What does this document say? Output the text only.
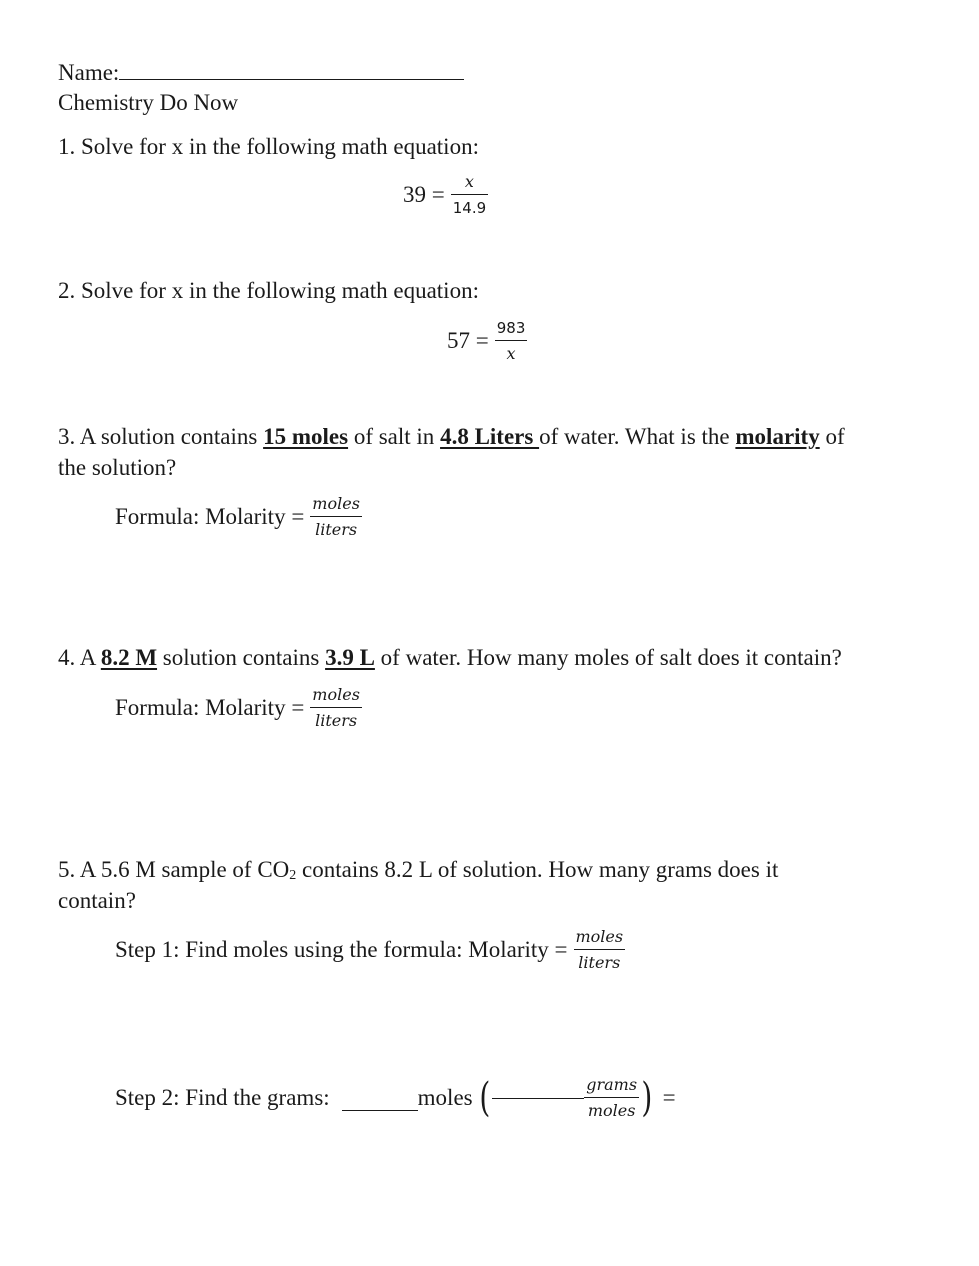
Name:
Chemistry Do Now
1. Solve for x in the following math equation:
$39 = \frac{x}{14.9}$
2. Solve for x in the following math equation:
$57 = \frac{983}{x}$
3. A solution contains 15 moles of salt in 4.8 Liters of water. What is the molarity of
the solution?
Formula: Molarity = $\frac{\text{moles}}{\text{liters}}$
4. A 8.2 M solution contains 3.9 L of water. How many moles of salt does it contain?
Formula: Molarity = $\frac{\text{moles}}{\text{liters}}$
5. A 5.6 M sample of $CO_2$ contains 8.2 L of solution. How many grams does it
contain?
Step 1: Find moles using the formula: Molarity = $\frac{\text{moles}}{\text{liters}}$
Step 2: Find the grams:	moles (	$\frac{\text{grams}}{\text{moles}}$ ) =
